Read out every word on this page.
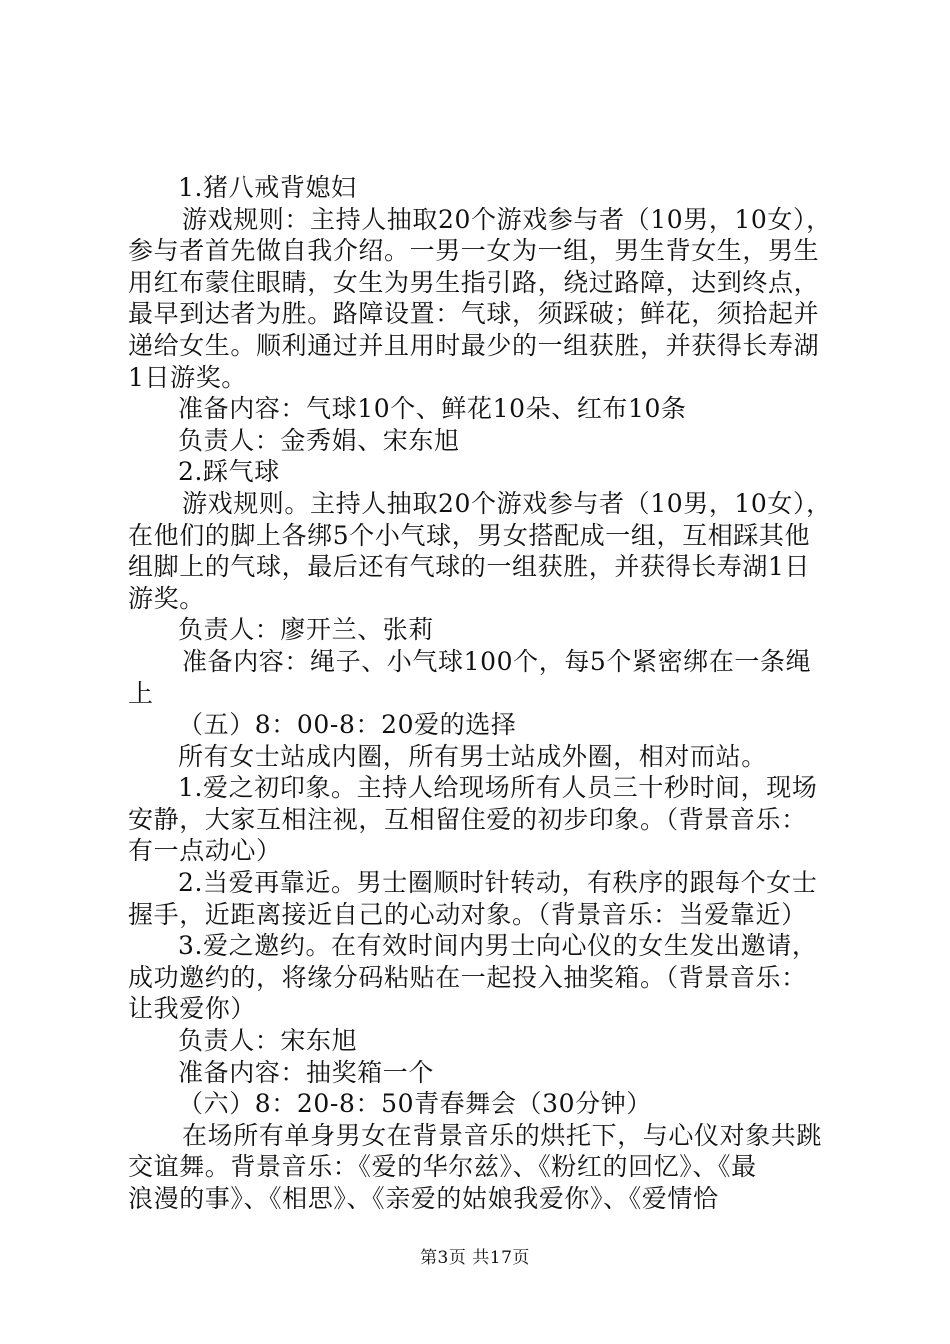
1.猪八戒背媳妇
游戏规则：主持人抽取20个游戏参与者（10男，10女），
参与者首先做自我介绍。一男一女为一组，男生背女生，男生
用红布蒙住眼睛，女生为男生指引路，绕过路障，达到终点，
最早到达者为胜。路障设置：气球，须踩破；鲜花，须拾起并
递给女生。顺利通过并且用时最少的一组获胜，并获得长寿湖
1日游奖。
准备内容：气球10个、鲜花10朵、红布10条
负责人：金秀娟、宋东旭
2.踩气球
游戏规则。主持人抽取20个游戏参与者（10男，10女），
在他们的脚上各绑5个小气球，男女搭配成一组，互相踩其他
组脚上的气球，最后还有气球的一组获胜，并获得长寿湖1日
游奖。
负责人：廖开兰、张莉
准备内容：绳子、小气球100个，每5个紧密绑在一条绳
上
（五）8：00-8：20爱的选择
所有女士站成内圈，所有男士站成外圈，相对而站。
1.爱之初印象。主持人给现场所有人员三十秒时间，现场
安静，大家互相注视，互相留住爱的初步印象。（背景音乐：
有一点动心）
2.当爱再靠近。男士圈顺时针转动，有秩序的跟每个女士
握手，近距离接近自己的心动对象。（背景音乐：当爱靠近）
3.爱之邀约。在有效时间内男士向心仪的女生发出邀请，
成功邀约的，将缘分码粘贴在一起投入抽奖箱。（背景音乐：
让我爱你）
负责人：宋东旭
准备内容：抽奖箱一个
（六）8：20-8：50青春舞会（30分钟）
在场所有单身男女在背景音乐的烘托下，与心仪对象共跳
交谊舞。背景音乐：《爱的华尔兹》、《粉红的回忆》、《最
浪漫的事》、《相思》、《亲爱的姑娘我爱你》、《爱情恰
第3页 共17页
